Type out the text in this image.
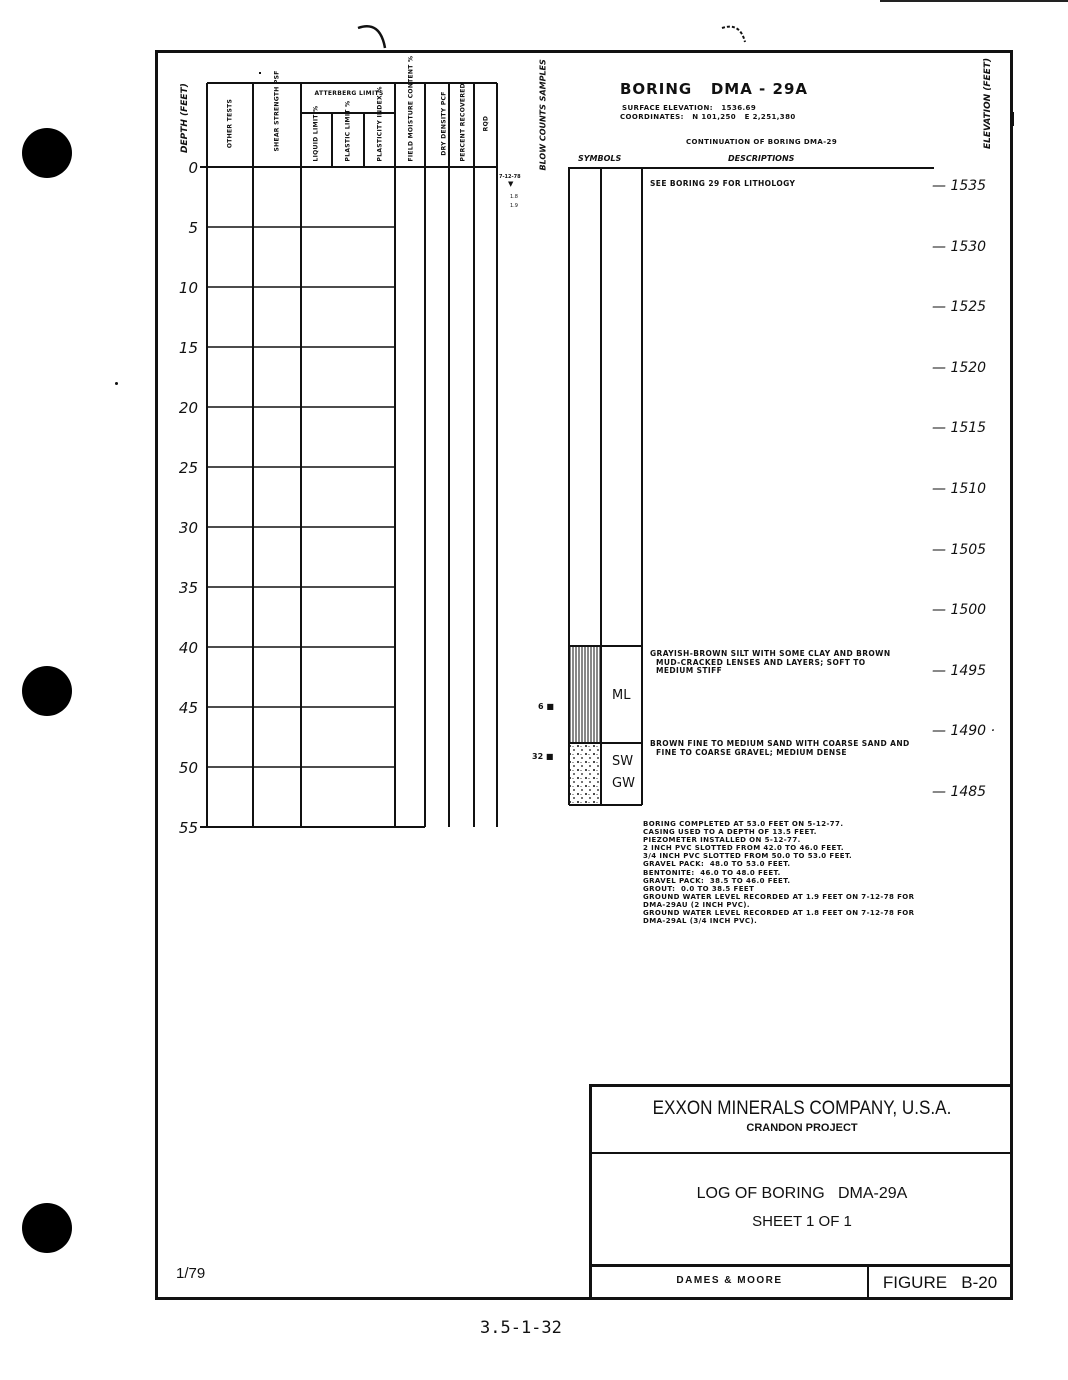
DEPTH (FEET)
0
5
10
15
20
25
30
35
40
45
50
55
OTHER TESTS	SHEAR STRENGTH PSF	ATTERBERG LIMITS
LIQUID LIMIT %	PLASTIC LIMIT %	PLASTICITY INDEX %	FIELD MOISTURE CONTENT %	DRY DENSITY PCF PERCENT RECOVERED	RQD	BLOW COUNTS SAMPLES
7-12-78
▼
1.8
1.9
BORING   DMA - 29A
SURFACE ELEVATION:   1536.69
COORDINATES:   N 101,250   E 2,251,380
CONTINUATION OF BORING DMA-29
SYMBOLS	DESCRIPTIONS
ELEVATION (FEET)
6 ■
32 ■
ML
SW
GW
SEE BORING 29 FOR LITHOLOGY
GRAYISH-BROWN SILT WITH SOME CLAY AND BROWN
MUD-CRACKED LENSES AND LAYERS; SOFT TO
MEDIUM STIFF
BROWN FINE TO MEDIUM SAND WITH COARSE SAND AND
FINE TO COARSE GRAVEL; MEDIUM DENSE
— 1535
— 1530
— 1525
— 1520
— 1515
— 1510
— 1505
— 1500
— 1495
— 1490 ·
— 1485
BORING COMPLETED AT 53.0 FEET ON 5-12-77.
CASING USED TO A DEPTH OF 13.5 FEET.
PIEZOMETER INSTALLED ON 5-12-77.
2 INCH PVC SLOTTED FROM 42.0 TO 46.0 FEET.
3/4 INCH PVC SLOTTED FROM 50.0 TO 53.0 FEET.
GRAVEL PACK:  48.0 TO 53.0 FEET.
BENTONITE:  46.0 TO 48.0 FEET.
GRAVEL PACK:  38.5 TO 46.0 FEET.
GROUT:  0.0 TO 38.5 FEET
GROUND WATER LEVEL RECORDED AT 1.9 FEET ON 7-12-78 FOR
DMA-29AU (2 INCH PVC).
GROUND WATER LEVEL RECORDED AT 1.8 FEET ON 7-12-78 FOR
DMA-29AL (3/4 INCH PVC).
EXXON MINERALS COMPANY, U.S.A.
CRANDON PROJECT
LOG OF BORING   DMA-29A
SHEET 1 OF 1
DAMES & MOORE	FIGURE   B-20
1/79
3.5-1-32
